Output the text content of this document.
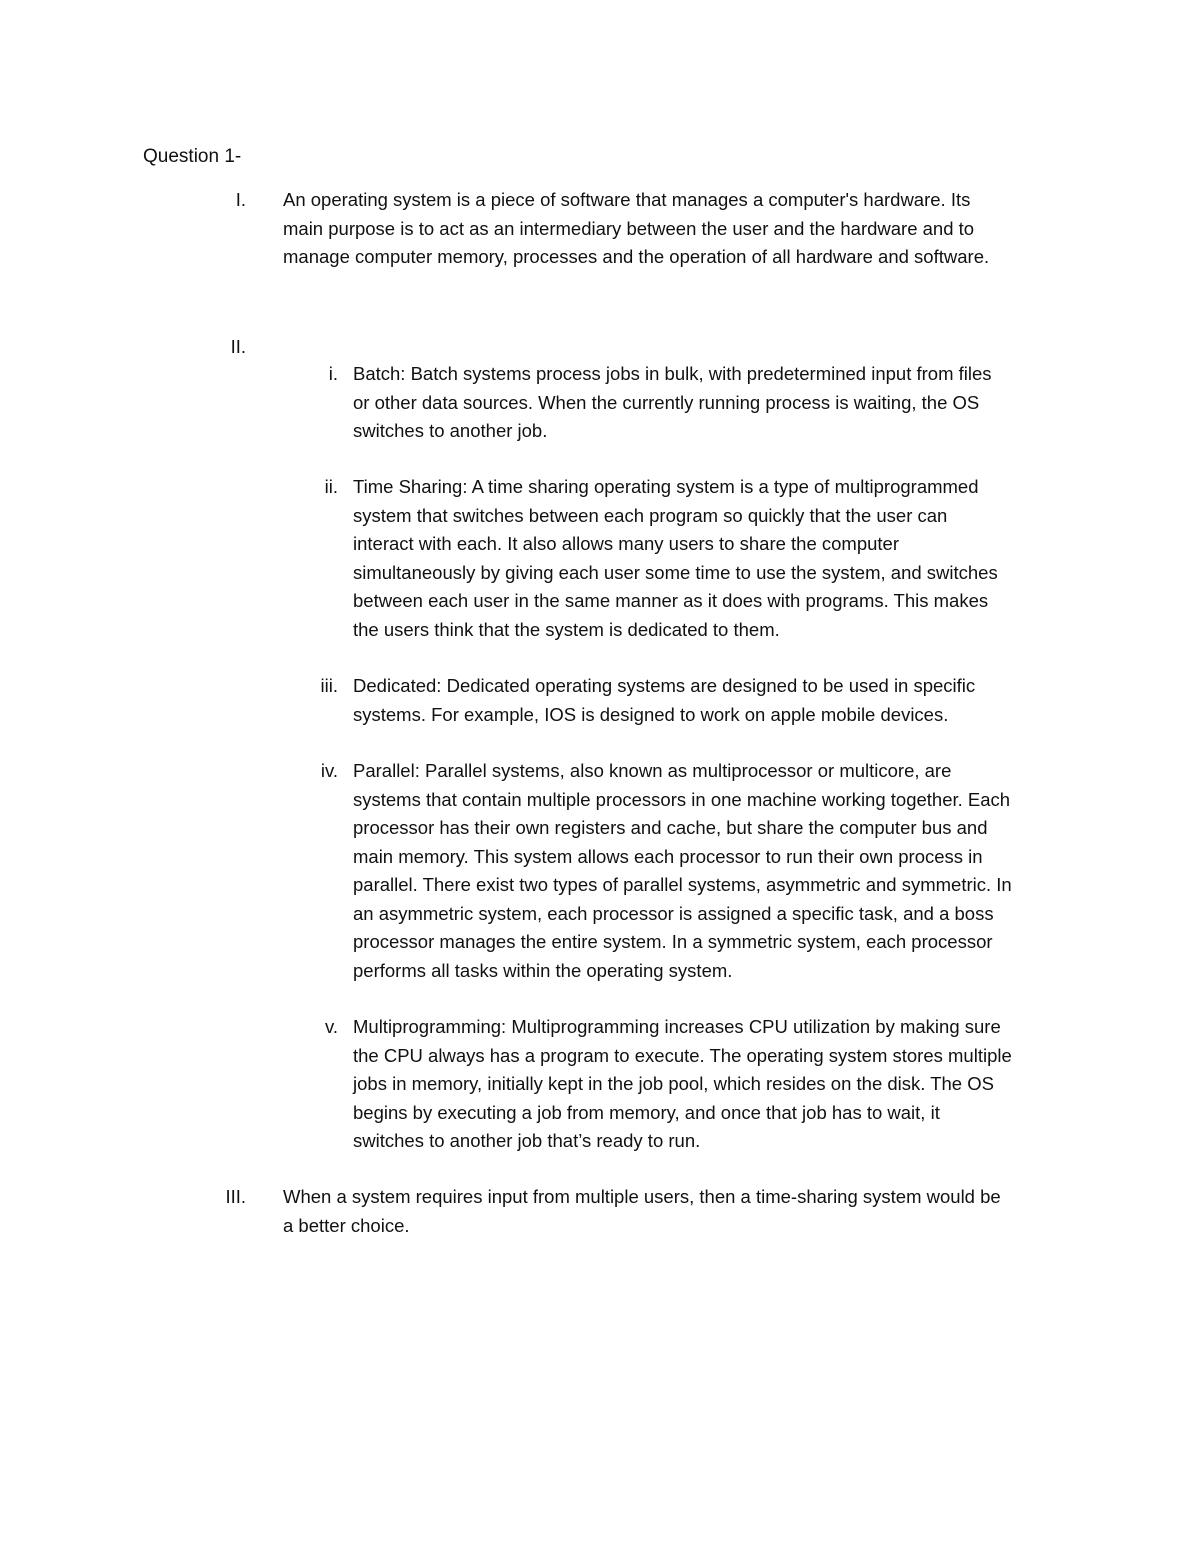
Question 1-
I. An operating system is a piece of software that manages a computer's hardware. Its
main purpose is to act as an intermediary between the user and the hardware and to
manage computer memory, processes and the operation of all hardware and software.
II.
i. Batch: Batch systems process jobs in bulk, with predetermined input from files
or other data sources. When the currently running process is waiting, the OS
switches to another job.
ii. Time Sharing: A time sharing operating system is a type of multiprogrammed
system that switches between each program so quickly that the user can
interact with each. It also allows many users to share the computer
simultaneously by giving each user some time to use the system, and switches
between each user in the same manner as it does with programs. This makes
the users think that the system is dedicated to them.
iii. Dedicated: Dedicated operating systems are designed to be used in specific
systems. For example, IOS is designed to work on apple mobile devices.
iv. Parallel: Parallel systems, also known as multiprocessor or multicore, are
systems that contain multiple processors in one machine working together. Each
processor has their own registers and cache, but share the computer bus and
main memory. This system allows each processor to run their own process in
parallel. There exist two types of parallel systems, asymmetric and symmetric. In
an asymmetric system, each processor is assigned a specific task, and a boss
processor manages the entire system. In a symmetric system, each processor
performs all tasks within the operating system.
v. Multiprogramming: Multiprogramming increases CPU utilization by making sure
the CPU always has a program to execute. The operating system stores multiple
jobs in memory, initially kept in the job pool, which resides on the disk. The OS
begins by executing a job from memory, and once that job has to wait, it
switches to another job that’s ready to run.
III. When a system requires input from multiple users, then a time-sharing system would be
a better choice.
